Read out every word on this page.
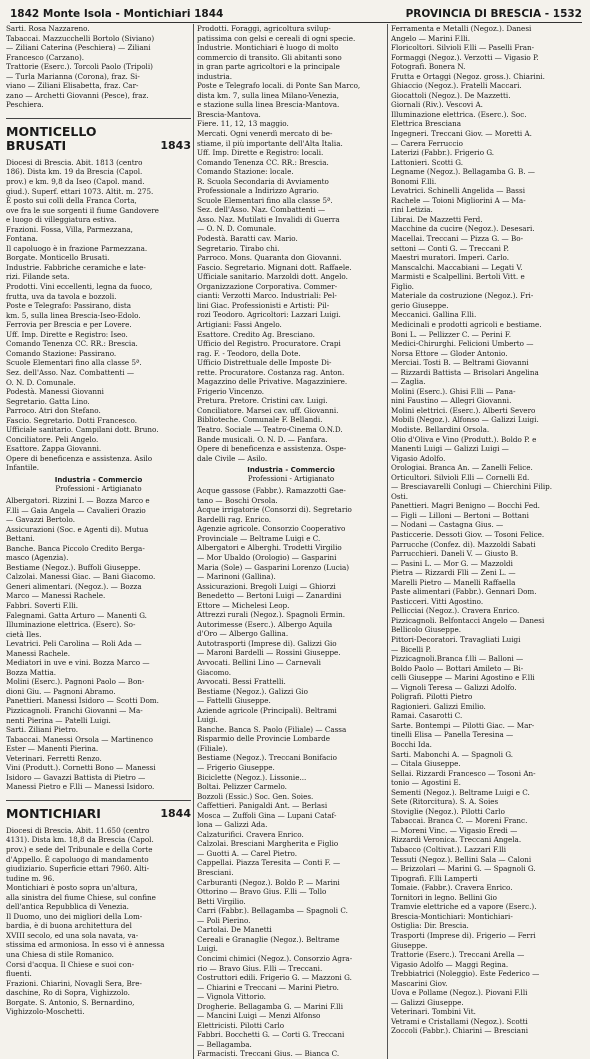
1842 Monte Isola - Montichiari 1844	PROVINCIA DI BRESCIA - 1532
Sarti. Rosa Nazzareno.
Tabaccai. Mazzucchelli Bortolo (Siviano)
— Ziliani Caterina (Peschiera) — Ziliani
Francesco (Carzano).
Trattorie (Eserc.). Torcoli Paolo (Tripoli)
— Turla Marianna (Corona), fraz. Si-
viano — Ziliani Elisabetta, fraz. Car-
zano — Archetti Giovanni (Pesce), fraz.
Peschiera.
MONTICELLO BRUSATI	1843
Diocesi di Brescia. Abit. 1813 (centro
186). Dista km. 19 da Brescia (Capol.
prov.) e km. 9,8 da Iseo (Capol. mand.
giud.). Superf. ettari 1073. Altit. m. 275.
È posto sui colli della Franca Corta,
ove fra le sue sorgenti il fiume Gandovere
e luogo di villeggiatura estiva.
Frazioni. Fossa, Villa, Parmezzana,
Fontana.
Il capoluogo è in frazione Parmezzana.
Borgate. Monticello Brusati.
Industrie. Fabbriche ceramiche e late-
rizi. Filande seta.
Prodotti. Vini eccellenti, legna da fuoco,
frutta, uva da tavola e bozzoli.
Poste e Telegrafo: Passirano, dista
km. 5, sulla linea Brescia-Iseo-Edolo.
Ferrovia per Brescia e per Lovere.
Uff. Imp. Dirette e Registro: Iseo.
Comando Tenenza CC. RR.: Brescia.
Comando Stazione: Passirano.
Scuole Elementari fino alla classe 5ª.
Sez. dell'Asso. Naz. Combattenti —
O. N. D. Comunale.
Podestà. Manessi Giovanni
Segretario. Gatta Lino.
Parroco. Atri don Stefano.
Fascio. Segretario. Dotti Francesco.
Ufficiale sanitario. Campilani dott. Bruno.
Conciliatore. Peli Angelo.
Esattore. Zappa Giovanni.
Opere di beneficenza e assistenza. Asilo
Infantile.
Industria - Commercio
Professioni - Artigianato
Albergatori. Rizzini I. — Bozza Marco e
F.lli — Gaia Angela — Cavalieri Orazio
— Gavazzi Bertolo.
Assicurazioni (Soc. e Agenti di). Mutua
Bettani.
Banche. Banca Piccolo Credito Berga-
masco (Agenzia).
Bestiame (Negoz.). Buffoli Giuseppe.
Calzolai. Manessi Giac. — Bani Giacomo.
Generi alimentari. (Negoz.). — Bozza
Marco — Manessi Rachele.
Fabbri. Soverti F.lli.
Falegnami. Gatta Arturo — Manenti G.
Illuminazione elettrica. (Eserc). So-
cietà Iles.
Levatrici. Peli Carolina — Roli Ada —
Manessi Rachele.
Mediatori in uve e vini. Bozza Marco —
Bozza Mattia.
Molini (Eserc.). Pagnoni Paolo — Bon-
dioni Giu. — Pagnoni Abramo.
Panettieri. Manessi Isidoro — Scotti Dom.
Pizzicagnoli. Franchi Giovanni — Ma-
nenti Pierina — Patelli Luigi.
Sarti. Ziliani Pietro.
Tabaccai. Manessi Orsola — Martinenco
Ester — Manenti Pierina.
Veterinari. Ferretti Renzo.
Vini (Produtt.). Cornetti Bono — Manessi
Isidoro — Gavazzi Battista di Pietro —
Manessi Pietro e F.lli — Manessi Isidoro.
MONTICHIARI	1844
Diocesi di Brescia. Abit. 11.650 (centro
4131). Dista km. 18,8 da Brescia (Capol.
prov.) e sede del Tribunale e della Corte
d'Appello. È capoluogo di mandamento
giudiziario. Superficie ettari 7960. Alti-
tudine m. 96.
Montichiari è posto sopra un'altura,
alla sinistra del fiume Chiese, sul confine
dell'antica Repubblica di Venezia.
Il Duomo, uno dei migliori della Lom-
bardia, è di buona architettura del
XVIII secolo, ed una sola navata, va-
stissima ed armoniosa. In esso vi è annessa
una Chiesa di stile Romanico.
Corsi d'acqua. Il Chiese e suoi con-
fluenti.
Frazioni. Chiarini, Novagli Sera, Bre-
daschine, Ro di Sopra, Vighizzolo.
Borgate. S. Antonio, S. Bernardino,
Vighizzolo-Moschetti.
Prodotti. Foraggi, agricoltura svilup-
patissima con gelsi e cereali di ogni specie.
Industrie. Montichiari è luogo di molto
commercio di transito. Gli abitanti sono
in gran parte agricoltori e la principale
industria.
Poste e Telegrafo locali. di Ponte San Marco,
dista km. 7, sulla linea Milano-Venezia,
e stazione sulla linea Brescia-Mantova.
Brescia-Mantova.
Fiere. 11, 12, 13 maggio.
Mercati. Ogni venerdì mercato di be-
stiame, il più importante dell'Alta Italia.
Uff. Imp. Dirette e Registro: locali.
Comando Tenenza CC. RR.: Brescia.
Comando Stazione: locale.
R. Scuola Secondaria di Avviamento
Professionale a Indirizzo Agrario.
Scuole Elementari fino alla classe 5ª.
Sez. dell'Asso. Naz. Combattenti —
Asso. Naz. Mutilati e Invalidi di Guerra
— O. N. D. Comunale.
Podestà. Baratti cav. Mario.
Segretario. Tirabo chi.
Parroco. Mons. Quaranta don Giovanni.
Fascio. Segretario. Mignani dott. Raffaele.
Ufficiale sanitario. Marzoldi dott. Angelo.
Organizzazione Corporativa. Commer-
cianti: Verzotti Marco. Industriali: Pel-
lini Giac. Professionisti e Artisti: Pil-
rozi Teodoro. Agricoltori: Lazzari Luigi.
Artigiani: Fassi Angelo.
Esattore. Credito Ag. Bresciano.
Ufficio del Registro. Procuratore. Crapi
rag. F. - Teodoro, della Dote.
Ufficio Distrettuale delle Imposte Di-
rette. Procuratore. Costanza rag. Anton.
Magazzino delle Privative. Magazziniere.
Frigerio Vincenzo.
Pretura. Pretore. Cristini cav. Luigi.
Conciliatore. Marsei cav. uff. Giovanni.
Biblioteche. Comunale F. Bellandi.
Teatro. Sociale — Teatro-Cinema O.N.D.
Bande musicali. O. N. D. — Fanfara.
Opere di beneficenza e assistenza. Ospe-
dale Civile — Asilo.
Industria - Commercio
Professioni - Artigianato
Acque gassose (Fabbr.). Ramazzotti Gae-
tano — Boschi Orsola.
Acque irrigatorie (Consorzi di). Segretario
Bardelli rag. Enrico.
Agenzie agricole. Consorzio Cooperativo
Provinciale — Beltrame Luigi e C.
Albergatori e Alberghi. Trodetti Virgilio
— Mor Ubaldo (Orologio) — Gasparini
Maria (Sole) — Gasparini Lorenzo (Lucia)
— Marinoni (Gallina).
Assicurazioni. Bregoli Luigi — Ghiorzi
Benedetto — Bertoni Luigi — Zanardini
Ettore — Michelesi Leop.
Attrezzi rurali (Negoz.). Spagnoli Ermin.
Autorimesse (Eserc.). Albergo Aquila
d'Oro — Albergo Gallina.
Autotrasporti (Imprese di). Galizzi Gio
— Maroni Bardelli — Rossini Giuseppe.
Avvocati. Bellini Lino — Carnevali
Giacomo.
Avvocati. Bessi Frattelli.
Bestiame (Negoz.). Galizzi Gio
— Fattelli Giuseppe.
Aziende agricole (Principali). Beltrami
Luigi.
Banche. Banca S. Paolo (Filiale) — Cassa
Risparmio delle Provincie Lombarde
(Filiale).
Bestiame (Negoz.). Treccani Bonifacio
— Frigerio Giuseppe.
Biciclette (Negoz.). Lissonie...
Boltai. Pelizzer Carmelo.
Bozzoli (Essic.) Soc. Gen. Soies.
Caffettieri. Panigaldi Ant. — Berlasi
Mosca — Zuffoli Gina — Lupani Cataf-
lona — Galizzi Ada.
Calzaturifici. Cravera Enrico.
Calzolai. Bresciani Margherita e Figlio
— Guotti A. — Carel Pietro.
Cappellai. Piazza Teresita — Conti F. —
Bresciani.
Carburanti (Negoz.). Boldo P. — Marini
Ottorino — Bravo Gius. F.lli — Tollo
Betti Virgilio.
Carri (Fabbr.). Bellagamba — Spagnoli C.
— Poli Pierino.
Cartolai. De Manetti
Cereali e Granaglie (Negoz.). Beltrame
Luigi.
Concimi chimici (Negoz.). Consorzio Agra-
rio — Bravo Gius. F.lli — Treccani.
Costruttori edili. Frigerio G. — Mazzoni G.
— Chiarini e Treccani — Marini Pietro.
— Vignola Vittorio.
Drogherie. Bellagamba G. — Marini F.lli
— Mancini Luigi — Menzi Alfonso
Elettricisti. Pilotti Carlo
Fabbri. Bocchetti G. — Corti G. Treccani
— Bellagamba.
Farmacisti. Treccani Gius. — Bianca C.
Ferramenta e Metalli (Negoz.). Danesi
Angelo — Marini F.lli.
Floricoltori. Silvioli F.lli — Paselli Fran-
Formaggi (Negoz.). Verzotti — Vigasio P.
Fotografi. Bonera N.
Frutta e Ortaggi (Negoz. gross.). Chiarini.
Ghiaccio (Negoz.). Fratelli Maccari.
Giocattoli (Negoz.). De Mazzetti.
Giornali (Riv.). Vescovi A.
Illuminazione elettrica. (Eserc.). Soc.
Elettrica Bresciana
Ingegneri. Treccani Giov. — Moretti A.
— Carera Ferruccio
Laterizi (Fabbr.). Frigerio G.
Lattonieri. Scotti G.
Legname (Negoz.). Bellagamba G. B. —
Bonomi F.lli.
Levatrici. Schinelli Angelida — Bassi
Rachele — Toioni Migliorini A — Ma-
rini Letizia.
Librai. De Mazzetti Ferd.
Macchine da cucire (Negoz.). Desesari.
Macellai. Treccani — Pizza G. — Bo-
settoni — Conti G. — Treccani P.
Maestri muratori. Imperi. Carlo.
Manscalchi. Maccabiani — Legati V.
Marmisti e Scalpellini. Bertoli Vitt. e
Figlio.
Materiale da costruzione (Negoz.). Fri-
gerio Giuseppe.
Meccanici. Gallina F.lli.
Medicinali e prodotti agricoli e bestiame.
Boni L. — Pellizzer C. — Perini F.
Medici-Chirurghi. Felicioni Umberto —
Norsa Ettore — Gloder Antonio.
Merciai. Tosti B. — Beltrami Giovanni
— Rizzardi Battista — Brisolari Angelina
— Zaglia.
Molini (Eserc.). Ghisi F.lli — Pana-
nini Faustino — Allegri Giovanni.
Molini elettrici. (Eserc.). Alberti Severo
Mobili (Negoz.). Alfonso — Galizzi Luigi.
Modiste. Bellardini Orsola.
Olio d'Oliva e Vino (Produtt.). Boldo P. e
Manenti Luigi — Galizzi Luigi —
Vigasio Adolfo.
Orologiai. Branca An. — Zanelli Felice.
Orticultori. Silvioli F.lli — Cornelli Ed.
— Bresciavarelli Conlugi — Chierchini Filip.
Osti.
Panettieri. Magri Benigno — Bocchi Fed.
— Figli — Lilloni — Bertoni — Bottani
— Nodani — Castagna Gius. —
Pasticcerie. Dessoti Giov. — Tosoni Felice.
Parrucche (Confez. di). Mazzoldi Sabati
Parrucchieri. Daneli V. — Giusto B.
— Pasini L. — Mor G. — Mazzoldi
Pietra — Rizzardi Flli — Zeni L. —
Marelli Pietro — Manelli Raffaella
Paste alimentari (Fabbr.). Gennari Dom.
Pasticceri. Vitti Agostino.
Pellicciai (Negoz.). Cravera Enrico.
Pizzicagnoli. Belfontacci Angelo — Danesi
Bellicolo Giuseppe.
Pittori-Decoratori. Travagliati Luigi
— Bicelli P.
Pizzicagnoli.Branca f.lli — Balloni —
Boldo Paolo — Bottari Amileto — Bi-
celli Giuseppe — Marini Agostino e F.lli
— Vignoli Teresa — Galizzi Adolfo.
Poligrafi. Pilotti Pietro
Ragionieri. Galizzi Emilio.
Ramai. Casarotti C.
Sarte. Bontempi — Pilotti Giac. — Mar-
tinelli Elisa — Panella Teresina —
Bocchi Ida.
Sarti. Mabonchi A. — Spagnoli G.
— Citala Giuseppe.
Sellai. Rizzardi Francesco — Tosoni An-
tonio — Agostini E.
Sementi (Negoz.). Beltrame Luigi e C.
Sete (Ritorcitura). S. A. Soies
Stoviglie (Negoz.). Pilotti Carlo
Tabaccai. Branca C. — Moreni Franc.
— Moreni Vinc. — Vigasio Eredi —
Rizzardi Veronica. Treccani Angela.
Tabacco (Coltivat.). Lazzari F.lli
Tessuti (Negoz.). Bellini Sala — Caloni
— Brizzolari — Marini G. — Spagnoli G.
Tipografi. F.lli Lamperti
Tomaie. (Fabbr.). Cravera Enrico.
Tornitori in legno. Bellini Gio
Tramvie elettriche ed a vapore (Eserc.).
Brescia-Montichiari: Montichiari-
Ostiglia: Dir. Brescia.
Trasporti (Imprese di). Frigerio — Ferri
Giuseppe.
Trattorie (Eserc.). Treccani Arella —
Vigasio Adolfo — Maggi Regina.
Trebbiatrici (Noleggio). Este Federico —
Mascarini Giov.
Uova e Pollame (Negoz.). Piovani F.lli
— Galizzi Giuseppe.
Veterinari. Tombini Vit.
Vetrami e Cristallami (Negoz.). Scotti
Zoccoli (Fabbr.). Chiarini — Bresciani
